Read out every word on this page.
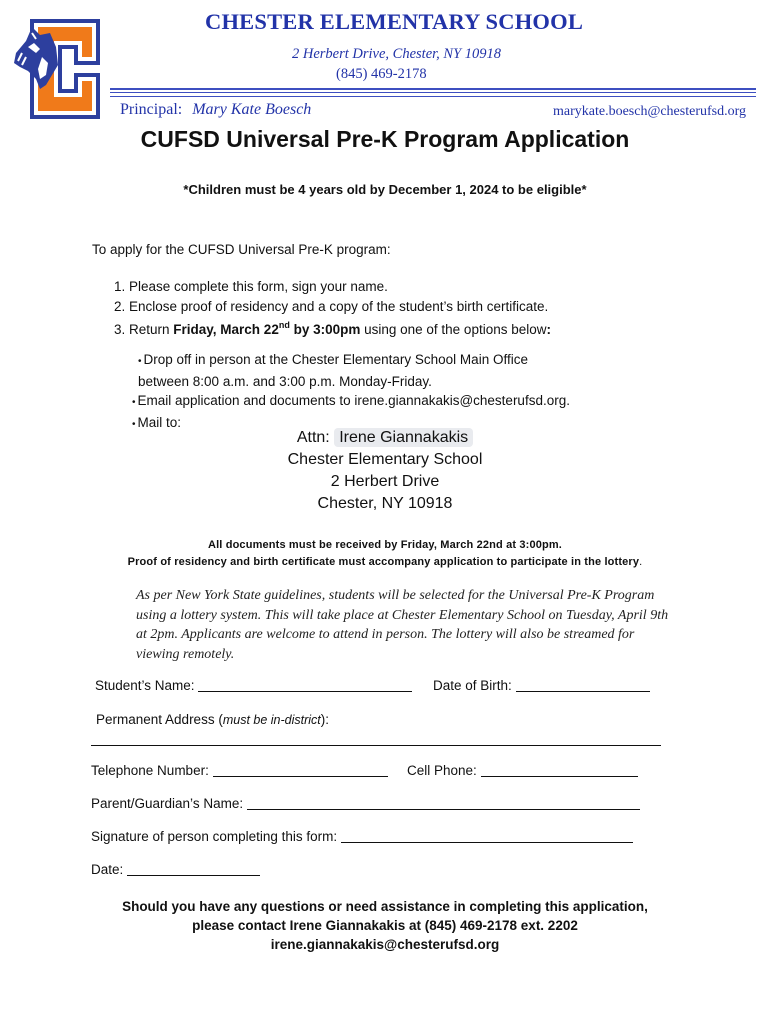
CHESTER ELEMENTARY SCHOOL
2 Herbert Drive, Chester, NY 10918
(845) 469-2178
Principal: Mary Kate Boesch	marykate.boesch@chesterufsd.org
CUFSD Universal Pre-K Program Application
*Children must be 4 years old by December 1, 2024 to be eligible*
To apply for the CUFSD Universal Pre-K program:
1. Please complete this form, sign your name.
2. Enclose proof of residency and a copy of the student’s birth certificate.
3. Return Friday, March 22nd by 3:00pm using one of the options below:
• Drop off in person at the Chester Elementary School Main Office
between 8:00 a.m. and 3:00 p.m. Monday-Friday.
• Email application and documents to irene.giannakakis@chesterufsd.org.
• Mail to:
Attn: Irene Giannakakis
Chester Elementary School
2 Herbert Drive
Chester, NY 10918
All documents must be received by Friday, March 22nd at 3:00pm.
Proof of residency and birth certificate must accompany application to participate in the lottery.
As per New York State guidelines, students will be selected for the Universal Pre-K Program using a lottery system. This will take place at Chester Elementary School on Tuesday, April 9th at 2pm. Applicants are welcome to attend in person. The lottery will also be streamed for viewing remotely.
Student’s Name:	Date of Birth:
Permanent Address (must be in-district):
Telephone Number:	Cell Phone:
Parent/Guardian’s Name:
Signature of person completing this form:
Date:
Should you have any questions or need assistance in completing this application,
please contact Irene Giannakakis at (845) 469-2178 ext. 2202
irene.giannakakis@chesterufsd.org
